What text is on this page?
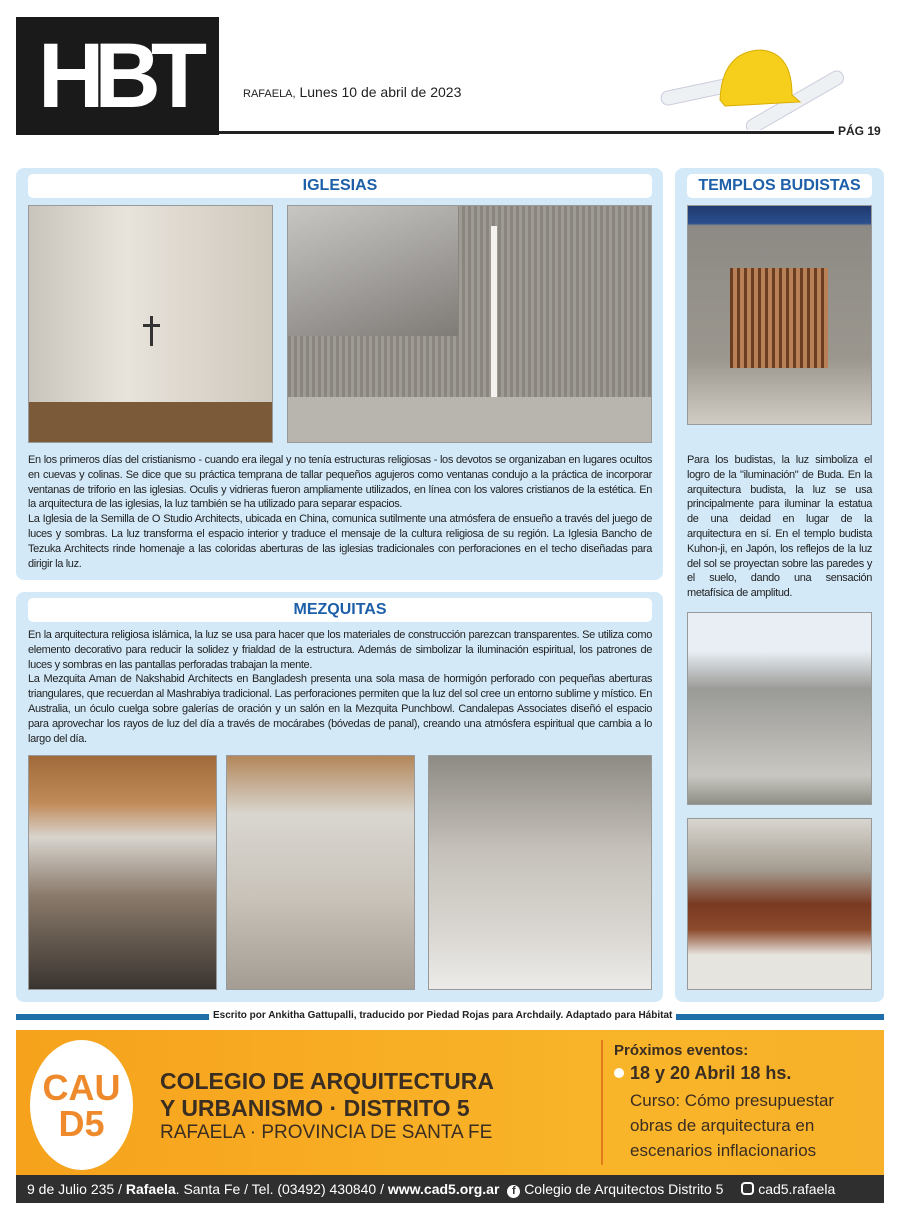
HBT	RAFAELA, Lunes 10 de abril de 2023
PÁG 19
IGLESIAS

En los primeros días del cristianismo - cuando era ilegal y no tenía estructuras religiosas - los devotos se organizaban en lugares ocultos en cuevas y colinas. Se dice que su práctica temprana de tallar pequeños agujeros como ventanas condujo a la práctica de incorporar ventanas de triforio en las iglesias. Oculis y vidrieras fueron ampliamente utilizados, en línea con los valores cristianos de la estética. En la arquitectura de las iglesias, la luz también se ha utilizado para separar espacios.

La Iglesia de la Semilla de O Studio Architects, ubicada en China, comunica sutilmente una atmósfera de ensueño a través del juego de luces y sombras. La luz transforma el espacio interior y traduce el mensaje de la cultura religiosa de su región. La Iglesia Bancho de Tezuka Architects rinde homenaje a las coloridas aberturas de las iglesias tradicionales con perforaciones en el techo diseñadas para dirigir la luz.

MEZQUITAS

En la arquitectura religiosa islámica, la luz se usa para hacer que los materiales de construcción parezcan transparentes. Se utiliza como elemento decorativo para reducir la solidez y frialdad de la estructura. Además de simbolizar la iluminación espiritual, los patrones de luces y sombras en las pantallas perforadas trabajan la mente.

La Mezquita Aman de Nakshabid Architects en Bangladesh presenta una sola masa de hormigón perforado con pequeñas aberturas triangulares, que recuerdan al Mashrabiya tradicional. Las perforaciones permiten que la luz del sol cree un entorno sublime y místico. En Australia, un óculo cuelga sobre galerías de oración y un salón en la Mezquita Punchbowl. Candalepas Associates diseñó el espacio para aprovechar los rayos de luz del día a través de mocárabes (bóvedas de panal), creando una atmósfera espiritual que cambia a lo largo del día.

TEMPLOS BUDISTAS
Para los budistas, la luz simboliza el logro de la "iluminación" de Buda. En la arquitectura budista, la luz se usa principalmente para iluminar la estatua de una deidad en lugar de la arquitectura en sí. En el templo budista Kuhon-ji, en Japón, los reflejos de la luz del sol se proyectan sobre las paredes y el suelo, dando una sensación metafísica de amplitud.
Escrito por Ankitha Gattupalli, traducido por Piedad Rojas para Archdaily. Adaptado para Hábitat
CAU
D5
COLEGIO DE ARQUITECTURA
Y URBANISMO · DISTRITO 5
RAFAELA · PROVINCIA DE SANTA FE
Próximos eventos:
18 y 20 Abril 18 hs.
Curso: Cómo presupuestar
obras de arquitectura en
escenarios inflacionarios
9 de Julio 235 / Rafaela. Santa Fe / Tel. (03492) 430840 / www.cad5.org.ar f Colegio de Arquitectos Distrito 5 cad5.rafaela
